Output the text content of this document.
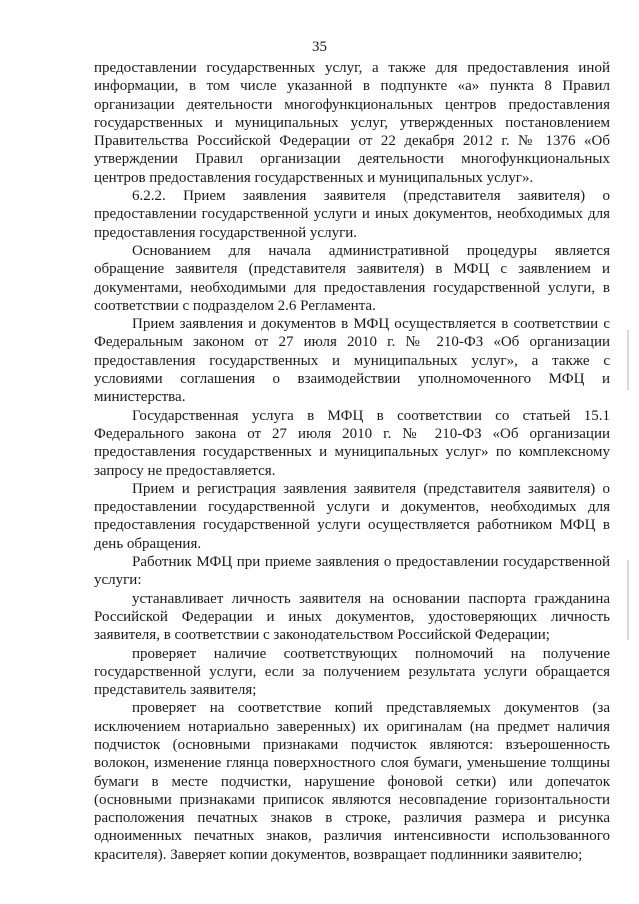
35

предоставлении государственных услуг, а также для предоставления иной информации, в том числе указанной в подпункте «а» пункта 8 Правил организации деятельности многофункциональных центров предоставления государственных и муниципальных услуг, утвержденных постановлением Правительства Российской Федерации от 22 декабря 2012 г. № 1376 «Об утверждении Правил организации деятельности многофункциональных центров предоставления государственных и муниципальных услуг».

6.2.2. Прием заявления заявителя (представителя заявителя) о предоставлении государственной услуги и иных документов, необходимых для предоставления государственной услуги.

Основанием для начала административной процедуры является обращение заявителя (представителя заявителя) в МФЦ с заявлением и документами, необходимыми для предоставления государственной услуги, в соответствии с подразделом 2.6 Регламента.

Прием заявления и документов в МФЦ осуществляется в соответствии с Федеральным законом от 27 июля 2010 г. № 210-ФЗ «Об организации предоставления государственных и муниципальных услуг», а также с условиями соглашения о взаимодействии уполномоченного МФЦ и министерства.

Государственная услуга в МФЦ в соответствии со статьей 15.1 Федерального закона от 27 июля 2010 г. № 210-ФЗ «Об организации предоставления государственных и муниципальных услуг» по комплексному запросу не предоставляется.

Прием и регистрация заявления заявителя (представителя заявителя) о предоставлении государственной услуги и документов, необходимых для предоставления государственной услуги осуществляется работником МФЦ в день обращения.

Работник МФЦ при приеме заявления о предоставлении государственной услуги:

устанавливает личность заявителя на основании паспорта гражданина Российской Федерации и иных документов, удостоверяющих личность заявителя, в соответствии с законодательством Российской Федерации;

проверяет наличие соответствующих полномочий на получение государственной услуги, если за получением результата услуги обращается представитель заявителя;

проверяет на соответствие копий представляемых документов (за исключением нотариально заверенных) их оригиналам (на предмет наличия подчисток (основными признаками подчисток являются: взъерошенность волокон, изменение глянца поверхностного слоя бумаги, уменьшение толщины бумаги в месте подчистки, нарушение фоновой сетки) или допечаток (основными признаками приписок являются несовпадение горизонтальности расположения печатных знаков в строке, различия размера и рисунка одноименных печатных знаков, различия интенсивности использованного красителя). Заверяет копии документов, возвращает подлинники заявителю;
